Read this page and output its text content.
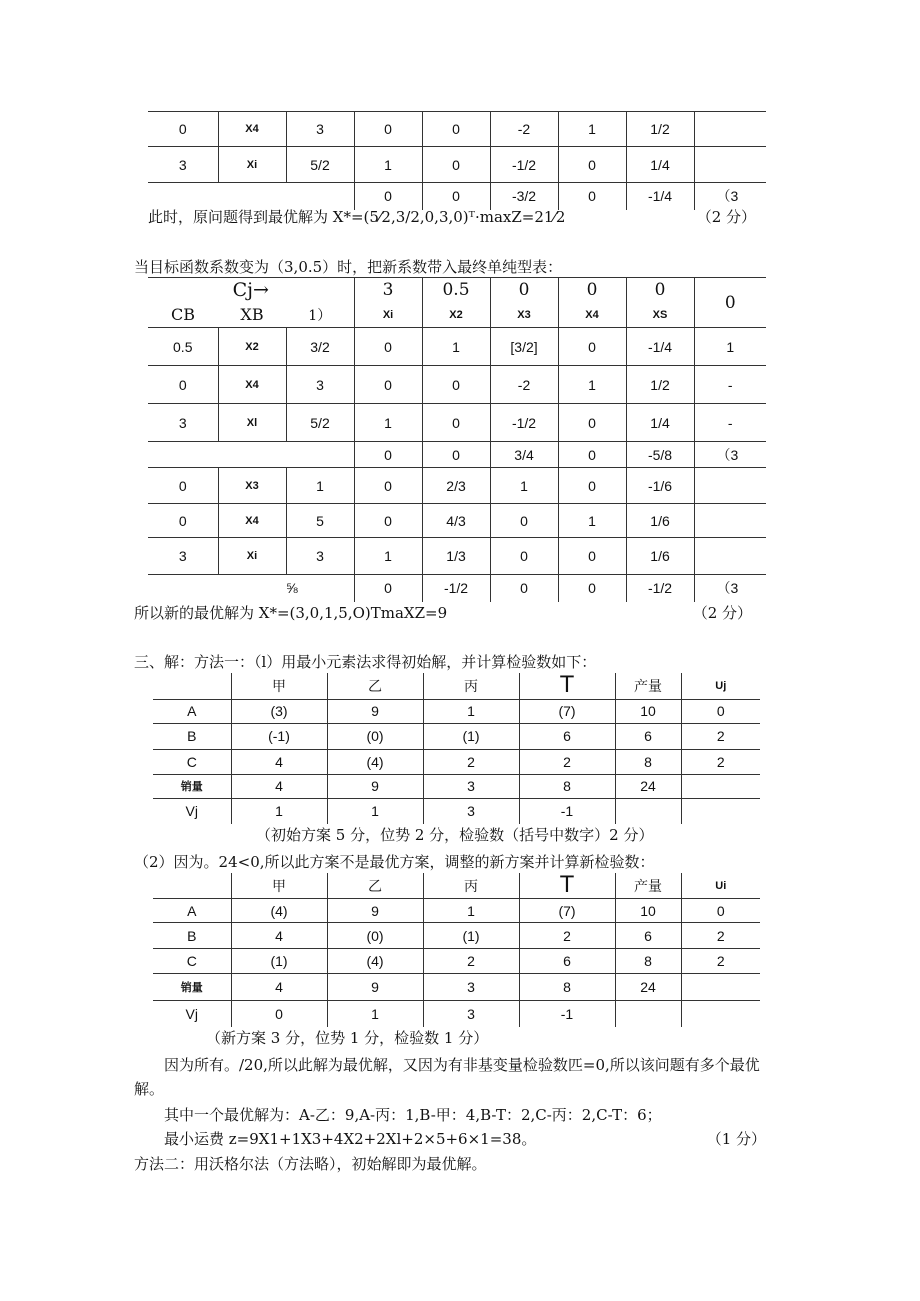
0	X4	3	0	0	-2	1	1/2	
3	Xi	5/2	1	0	-1/2	0	1/4	
			0	0	-3/2	0	-1/4	（3
此时，原问题得到最优解为 X*=(5⁄2,3/2,0,3,0)ᵀ·maxZ=21⁄2	（2 分）
当目标函数系数变为（3,0.5）时，把新系数带入最终单纯型表：
Cj→			3	0.5	0	0	0	0
CB	XB	1）	Xi	X2	X3	X4	XS	
0.5	X2	3/2	0	1	[3/2]	0	-1/4	1
0	X4	3	0	0	-2	1	1/2	-
3	Xl	5/2	1	0	-1/2	0	1/4	-
			0	0	3/4	0	-5/8	（3
0	X3	1	0	2/3	1	0	-1/6	
0	X4	5	0	4/3	0	1	1/6	
3	Xi	3	1	1/3	0	0	1/6	
		⅝	0	-1/2	0	0	-1/2	（3
所以新的最优解为 X*=(3,0,1,5,O)TmaXZ=9	（2 分）
三、解：方法一：（l）用最小元素法求得初始解，并计算检验数如下：
	甲	乙	丙	T	产量	Uj
A	(3)	9	1	(7)	10	0
B	(-1)	(0)	(1)	6	6	2
C	4	(4)	2	2	8	2
销量	4	9	3	8	24	
Vj	1	1	3	-1		
（初始方案 5 分，位势 2 分，检验数（括号中数字）2 分）
（2）因为。24<0,所以此方案不是最优方案，调整的新方案并计算新检验数：
	甲	乙	丙	T	产量	Ui
A	(4)	9	1	(7)	10	0
B	4	(0)	(1)	2	6	2
C	(1)	(4)	2	6	8	2
销量	4	9	3	8	24	
Vj	0	1	3	-1		
（新方案 3 分，位势 1 分，检验数 1 分）
因为所有。/20,所以此解为最优解，又因为有非基变量检验数匹=0,所以该问题有多个最优
解。
其中一个最优解为：A-乙：9,A-丙：1,B-甲：4,B-T：2,C-丙：2,C-T：6；
最小运费 z=9X1+1X3+4X2+2Xl+2×5+6×1=38。	（1 分）
方法二：用沃格尔法（方法略），初始解即为最优解。
